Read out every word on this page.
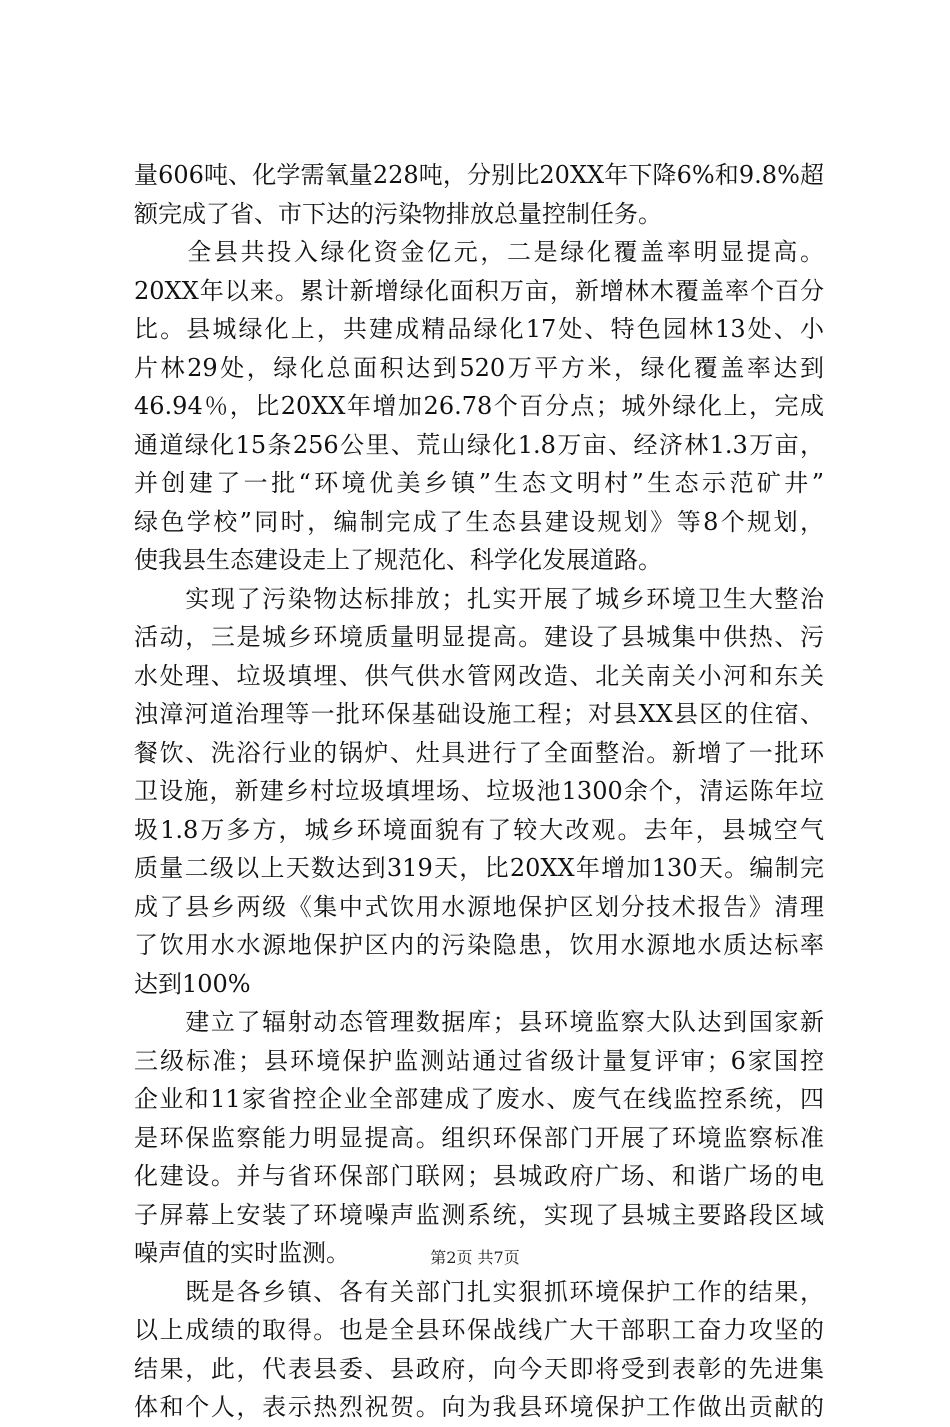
量606吨、化学需氧量228吨，分别比20XX年下降6%和9.8%超
额完成了省、市下达的污染物排放总量控制任务。
　　全县共投入绿化资金亿元，二是绿化覆盖率明显提高。
20XX年以来。累计新增绿化面积万亩，新增林木覆盖率个百分
比。县城绿化上，共建成精品绿化17处、特色园林13处、小
片林29处，绿化总面积达到520万平方米，绿化覆盖率达到
46.94％，比20XX年增加26.78个百分点；城外绿化上，完成
通道绿化15条256公里、荒山绿化1.8万亩、经济林1.3万亩，
并创建了一批“环境优美乡镇”生态文明村”生态示范矿井”
绿色学校”同时，编制完成了生态县建设规划》等8个规划，
使我县生态建设走上了规范化、科学化发展道路。
　　实现了污染物达标排放；扎实开展了城乡环境卫生大整治
活动，三是城乡环境质量明显提高。建设了县城集中供热、污
水处理、垃圾填埋、供气供水管网改造、北关南关小河和东关
浊漳河道治理等一批环保基础设施工程；对县XX县区的住宿、
餐饮、洗浴行业的锅炉、灶具进行了全面整治。新增了一批环
卫设施，新建乡村垃圾填埋场、垃圾池1300余个，清运陈年垃
圾1.8万多方，城乡环境面貌有了较大改观。去年，县城空气
质量二级以上天数达到319天，比20XX年增加130天。编制完
成了县乡两级《集中式饮用水源地保护区划分技术报告》清理
了饮用水水源地保护区内的污染隐患，饮用水源地水质达标率
达到100%
　　建立了辐射动态管理数据库；县环境监察大队达到国家新
三级标准；县环境保护监测站通过省级计量复评审；6家国控
企业和11家省控企业全部建成了废水、废气在线监控系统，四
是环保监察能力明显提高。组织环保部门开展了环境监察标准
化建设。并与省环保部门联网；县城政府广场、和谐广场的电
子屏幕上安装了环境噪声监测系统，实现了县城主要路段区域
噪声值的实时监测。
　　既是各乡镇、各有关部门扎实狠抓环境保护工作的结果，
以上成绩的取得。也是全县环保战线广大干部职工奋力攻坚的
结果，此，代表县委、县政府，向今天即将受到表彰的先进集
体和个人，表示热烈祝贺。向为我县环境保护工作做出贡献的
第2页 共7页
